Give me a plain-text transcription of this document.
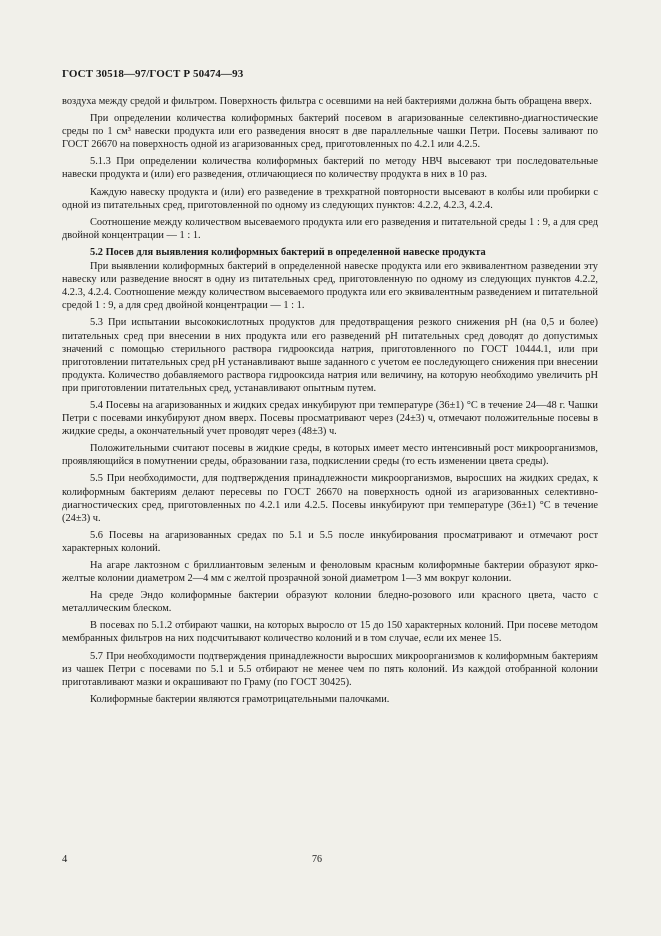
ГОСТ 30518—97/ГОСТ Р 50474—93

воздуха между средой и фильтром. Поверхность фильтра с осевшими на ней бактериями должна быть обращена вверх.

При определении количества колиформных бактерий посевом в агаризованные селективно-диагностические среды по 1 см³ навески продукта или его разведения вносят в две параллельные чашки Петри. Посевы заливают по ГОСТ 26670 на поверхность одной из агаризованных сред, приготовленных по 4.2.1 или 4.2.5.

5.1.3 При определении количества колиформных бактерий по методу НВЧ высевают три последовательные навески продукта и (или) его разведения, отличающиеся по количеству продукта в них в 10 раз.

Каждую навеску продукта и (или) его разведение в трехкратной повторности высевают в колбы или пробирки с одной из питательных сред, приготовленной по одному из следующих пунктов: 4.2.2, 4.2.3, 4.2.4.

Соотношение между количеством высеваемого продукта или его разведения и питательной среды 1 : 9, а для сред двойной концентрации — 1 : 1.

5.2 Посев для выявления колиформных бактерий в определенной навеске продукта

При выявлении колиформных бактерий в определенной навеске продукта или его эквивалентном разведении эту навеску или разведение вносят в одну из питательных сред, приготовленную по одному из следующих пунктов 4.2.2, 4.2.3, 4.2.4. Соотношение между количеством высеваемого продукта или его эквивалентным разведением и питательной средой 1 : 9, а для сред двойной концентрации — 1 : 1.

5.3 При испытании высококислотных продуктов для предотвращения резкого снижения pH (на 0,5 и более) питательных сред при внесении в них продукта или его разведений pH питательных сред доводят до допустимых значений с помощью стерильного раствора гидрооксида натрия, приготовленного по ГОСТ 10444.1, или при приготовлении питательных сред pH устанавливают выше заданного с учетом ее последующего снижения при внесении продукта. Количество добавляемого раствора гидрооксида натрия или величину, на которую необходимо увеличить pH при приготовлении питательных сред, устанавливают опытным путем.

5.4 Посевы на агаризованных и жидких средах инкубируют при температуре (36±1) °С в течение 24—48 г. Чашки Петри с посевами инкубируют дном вверх. Посевы просматривают через (24±3) ч, отмечают положительные посевы в жидкие среды, а окончательный учет проводят через (48±3) ч.

Положительными считают посевы в жидкие среды, в которых имеет место интенсивный рост микроорганизмов, проявляющийся в помутнении среды, образовании газа, подкислении среды (то есть изменении цвета среды).

5.5 При необходимости, для подтверждения принадлежности микроорганизмов, выросших на жидких средах, к колиформным бактериям делают пересевы по ГОСТ 26670 на поверхность одной из агаризованных селективно-диагностических сред, приготовленных по 4.2.1 или 4.2.5. Посевы инкубируют при температуре (36±1) °С в течение (24±3) ч.

5.6 Посевы на агаризованных средах по 5.1 и 5.5 после инкубирования просматривают и отмечают рост характерных колоний.

На агаре лактозном с бриллиантовым зеленым и феноловым красным колиформные бактерии образуют ярко-желтые колонии диаметром 2—4 мм с желтой прозрачной зоной диаметром 1—3 мм вокруг колонии.

На среде Эндо колиформные бактерии образуют колонии бледно-розового или красного цвета, часто с металлическим блеском.

В посевах по 5.1.2 отбирают чашки, на которых выросло от 15 до 150 характерных колоний. При посеве методом мембранных фильтров на них подсчитывают количество колоний и в том случае, если их менее 15.

5.7 При необходимости подтверждения принадлежности выросших микроорганизмов к колиформным бактериям из чашек Петри с посевами по 5.1 и 5.5 отбирают не менее чем по пять колоний. Из каждой отобранной колонии приготавливают мазки и окрашивают по Граму (по ГОСТ 30425).

Колиформные бактерии являются грамотрицательными палочками.

4	76
